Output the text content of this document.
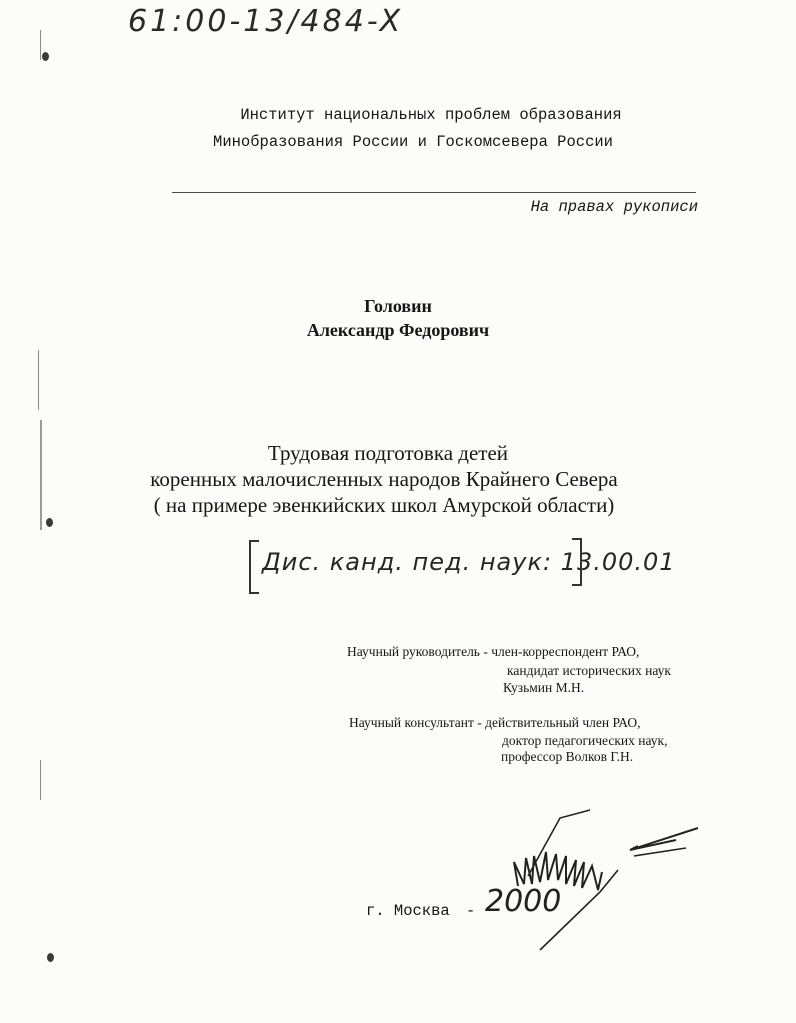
61:00-13/484-X
Институт национальных проблем образования
Минобразования России и Госкомсевера России
На правах рукописи
Головин
Александр Федорович
Трудовая подготовка детей
коренных малочисленных народов Крайнего Севера
( на примере эвенкийских школ Амурской области)
Дис. канд. пед. наук: 13.00.01
Научный руководитель - член-корреспондент РАО,
кандидат исторических наук
Кузьмин М.Н.
Научный консультант - действительный член РАО,
доктор педагогических наук,
профессор Волков Г.Н.
г. Москва - 2000
